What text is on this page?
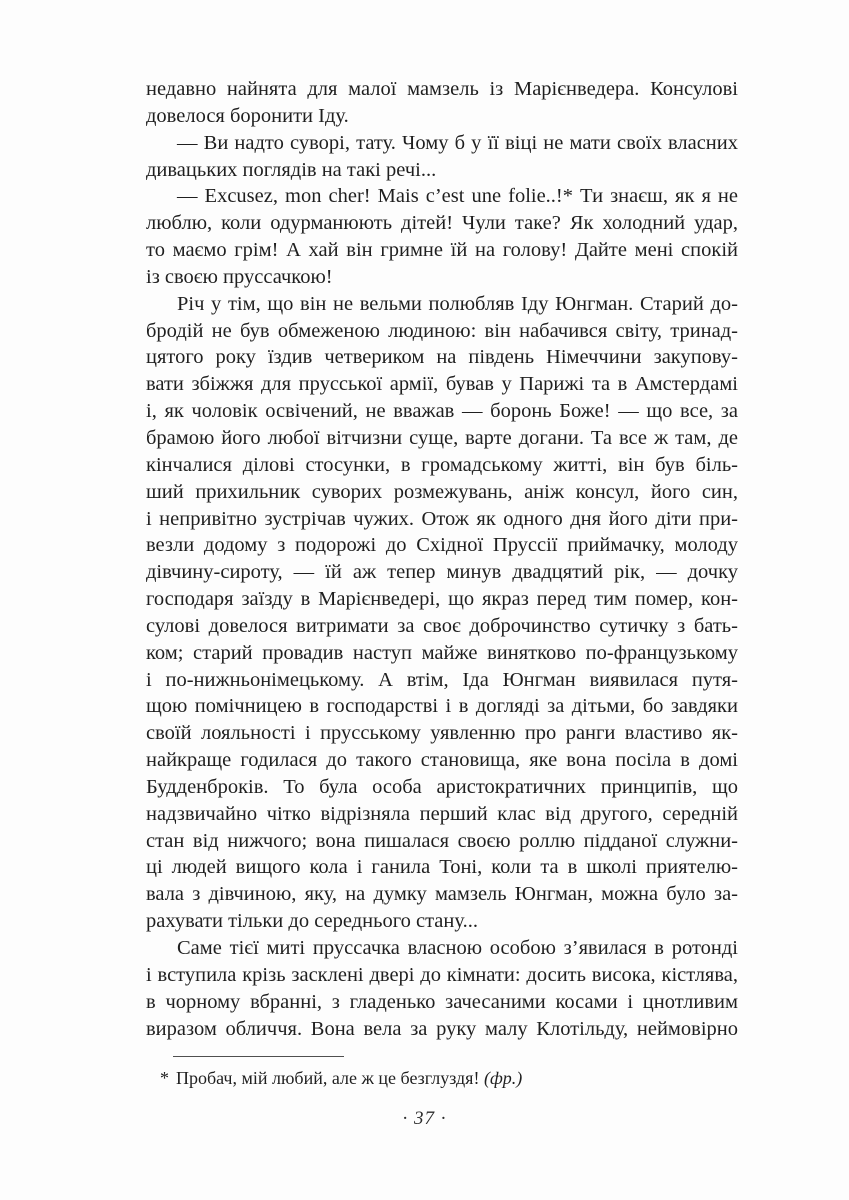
недавно найнята для малої мамзель із Марієнведера. Консулові
довелося боронити Іду.
— Ви надто суворі, тату. Чому б у її віці не мати своїх власних
дивацьких поглядів на такі речі...
— Excusez, mon cher! Mais c’est une folie..!* Ти знаєш, як я не
люблю, коли одурманюють дітей! Чули таке? Як холодний удар,
то маємо грім! А хай він гримне їй на голову! Дайте мені спокій
із своєю пруссачкою!
Річ у тім, що він не вельми полюбляв Іду Юнгман. Старий до-
бродій не був обмеженою людиною: він набачився світу, тринад-
цятого року їздив четвериком на південь Німеччини закупову-
вати збіжжя для прусської армії, бував у Парижі та в Амстердамі
і, як чоловік освічений, не вважав — боронь Боже! — що все, за
брамою його любої вітчизни суще, варте догани. Та все ж там, де
кінчалися ділові стосунки, в громадському житті, він був біль-
ший прихильник суворих розмежувань, аніж консул, його син,
і непривітно зустрічав чужих. Отож як одного дня його діти при-
везли додому з подорожі до Східної Пруссії приймачку, молоду
дівчину-сироту, — їй аж тепер минув двадцятий рік, — дочку
господаря заїзду в Марієнведері, що якраз перед тим помер, кон-
сулові довелося витримати за своє доброчинство сутичку з бать-
ком; старий провадив наступ майже винятково по-французькому
і по-нижньонімецькому. А втім, Іда Юнгман виявилася путя-
щою помічницею в господарстві і в догляді за дітьми, бо завдяки
своїй лояльності і прусському уявленню про ранги властиво як-
найкраще годилася до такого становища, яке вона посіла в домі
Будденброків. То була особа аристократичних принципів, що
надзвичайно чітко відрізняла перший клас від другого, середній
стан від нижчого; вона пишалася своєю роллю підданої служни-
ці людей вищого кола і ганила Тоні, коли та в школі приятелю-
вала з дівчиною, яку, на думку мамзель Юнгман, можна було за-
рахувати тільки до середнього стану...
Саме тієї миті пруссачка власною особою з’явилася в ротонді
і вступила крізь засклені двері до кімнати: досить висока, кістлява,
в чорному вбранні, з гладенько зачесаними косами і цнотливим
виразом обличчя. Вона вела за руку малу Клотільду, неймовірно
* Пробач, мій любий, але ж це безглуздя! (фр.)
· 37 ·
